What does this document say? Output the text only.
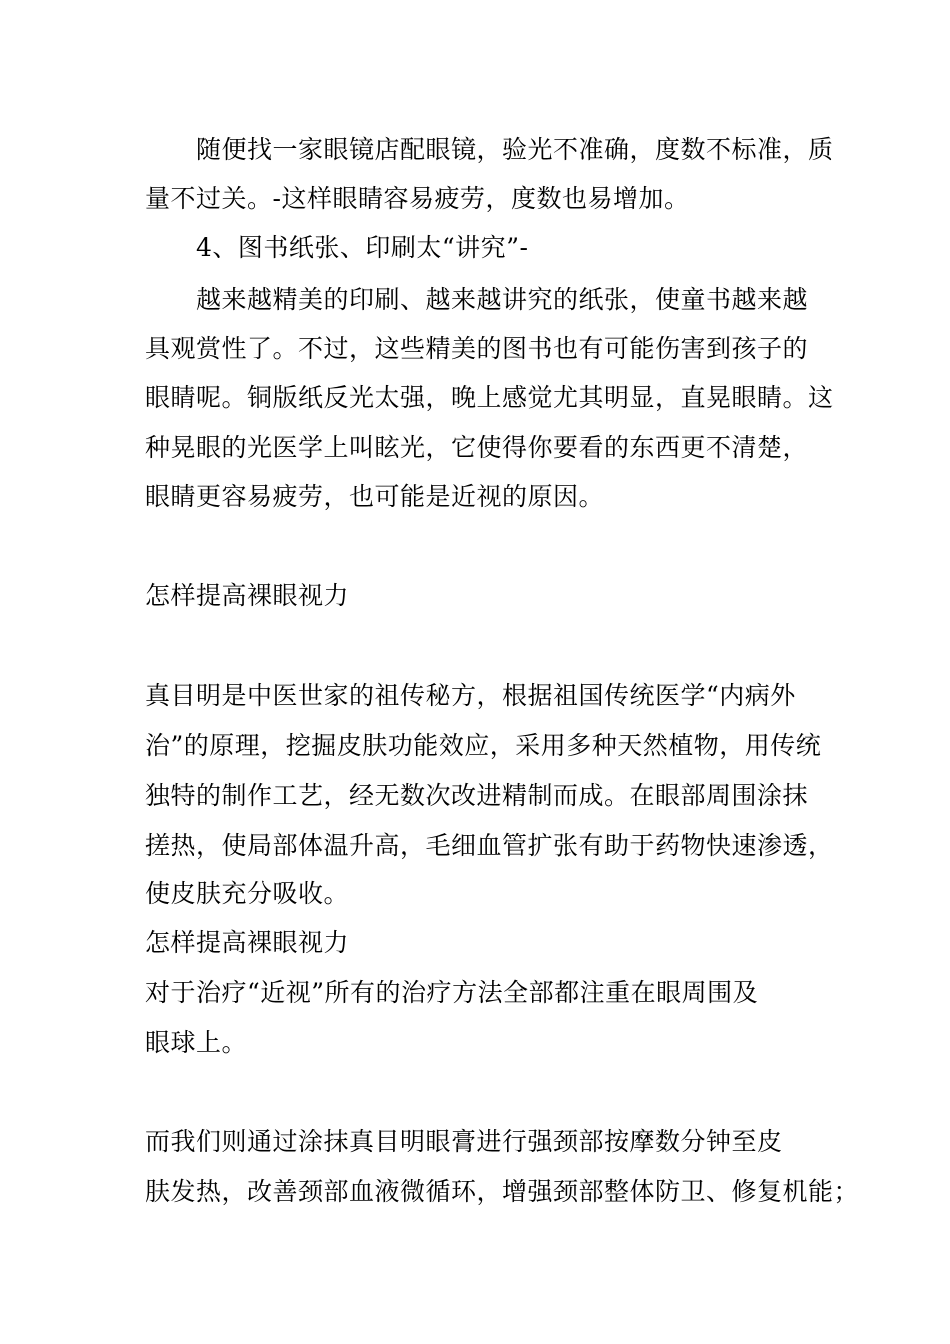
随便找一家眼镜店配眼镜，验光不准确，度数不标准，质
量不过关。-这样眼睛容易疲劳，度数也易增加。
4、图书纸张、印刷太“讲究”-
越来越精美的印刷、越来越讲究的纸张，使童书越来越
具观赏性了。不过，这些精美的图书也有可能伤害到孩子的
眼睛呢。铜版纸反光太强，晚上感觉尤其明显，直晃眼睛。这
种晃眼的光医学上叫眩光，它使得你要看的东西更不清楚，
眼睛更容易疲劳，也可能是近视的原因。
怎样提高裸眼视力
真目明是中医世家的祖传秘方，根据祖国传统医学“内病外
治”的原理，挖掘皮肤功能效应，采用多种天然植物，用传统
独特的制作工艺，经无数次改进精制而成。在眼部周围涂抹
搓热，使局部体温升高，毛细血管扩张有助于药物快速渗透，
使皮肤充分吸收。
怎样提高裸眼视力
对于治疗“近视”所有的治疗方法全部都注重在眼周围及
眼球上。
而我们则通过涂抹真目明眼膏进行强颈部按摩数分钟至皮
肤发热，改善颈部血液微循环，增强颈部整体防卫、修复机能；
